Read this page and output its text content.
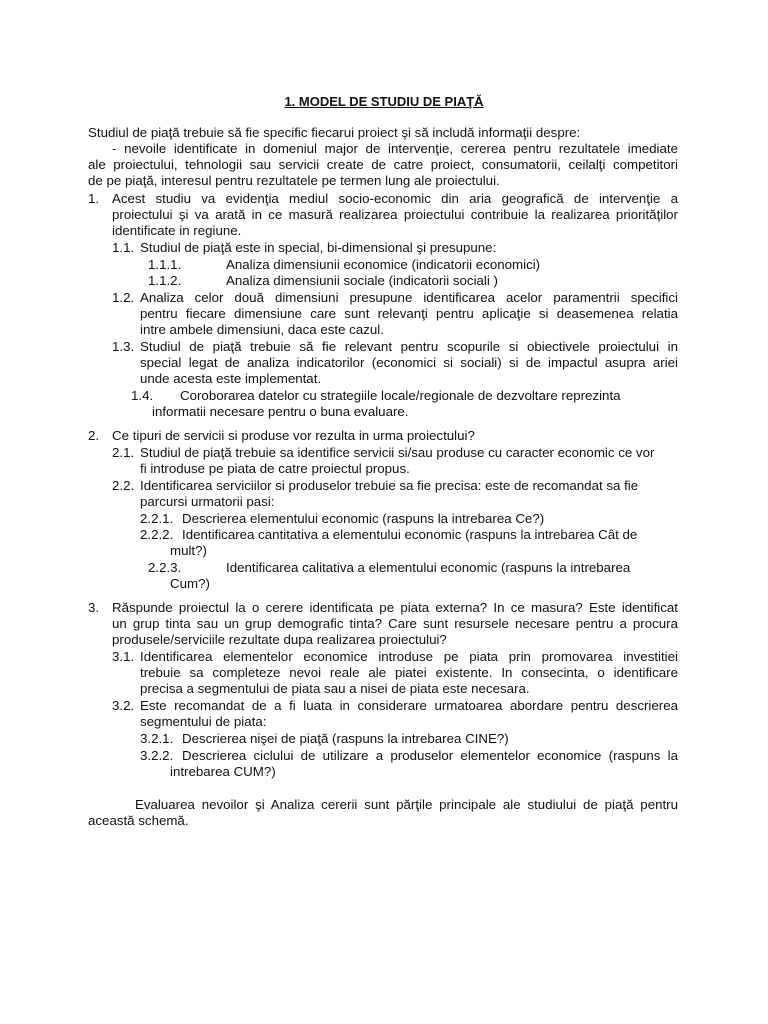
1. MODEL DE STUDIU DE PIAŢĂ
Studiul de piaţă trebuie să fie specific fiecarui proiect şi să includă informaţii despre:
- nevoile identificate in domeniul major de intervenţie, cererea pentru rezultatele imediate
ale proiectului, tehnologii sau servicii create de catre proiect, consumatorii, ceilalţi competitori
de pe piaţă, interesul pentru rezultatele pe termen lung ale proiectului.
1. Acest studiu va evidenţia mediul socio-economic din aria geografică de intervenţie a
proiectului şi va arată in ce masură realizarea proiectului contribuie la realizarea priorităţilor
identificate in regiune.
1.1. Studiul de piaţă este in special, bi-dimensional şi presupune:
1.1.1.	Analiza dimensiunii economice (indicatorii economici)
1.1.2.	Analiza dimensiunii sociale (indicatorii sociali )
1.2. Analiza celor două dimensiuni presupune identificarea acelor paramentrii specifici
pentru fiecare dimensiune care sunt relevanţi pentru aplicaţie si deasemenea relatia
intre ambele dimensiuni, daca este cazul.
1.3. Studiul de piaţă trebuie să fie relevant pentru scopurile si obiectivele proiectului in
special legat de analiza indicatorilor (economici si sociali) si de impactul asupra ariei
unde acesta este implementat.
1.4. Coroborarea datelor cu strategiile locale/regionale de dezvoltare reprezinta
informatii necesare pentru o buna evaluare.
2. Ce tipuri de servicii si produse vor rezulta in urma proiectului?
2.1. Studiul de piaţă trebuie sa identifice servicii si/sau produse cu caracter economic ce vor
fi introduse pe piata de catre proiectul propus.
2.2. Identificarea serviciilor si produselor trebuie sa fie precisa: este de recomandat sa fie
parcursi urmatorii pasi:
2.2.1. Descrierea elementului economic (raspuns la intrebarea Ce?)
2.2.2. Identificarea cantitativa a elementului economic (raspuns la intrebarea Cât de
mult?)
2.2.3.	Identificarea calitativa a elementului economic (raspuns la intrebarea
Cum?)
3. Răspunde proiectul la o cerere identificata pe piata externa? In ce masura? Este identificat
un grup tinta sau un grup demografic tinta? Care sunt resursele necesare pentru a procura
produsele/serviciile rezultate dupa realizarea proiectului?
3.1. Identificarea elementelor economice introduse pe piata prin promovarea investitiei
trebuie sa completeze nevoi reale ale piatei existente. In consecinta, o identificare
precisa a segmentului de piata sau a nisei de piata este necesara.
3.2. Este recomandat de a fi luata in considerare urmatoarea abordare pentru descrierea
segmentului de piata:
3.2.1. Descrierea nişei de piaţă (raspuns la intrebarea CINE?)
3.2.2. Descrierea ciclului de utilizare a produselor elementelor economice (raspuns la
intrebarea CUM?)
Evaluarea nevoilor şi Analiza cererii sunt părţile principale ale studiului de piaţă pentru
această schemă.
